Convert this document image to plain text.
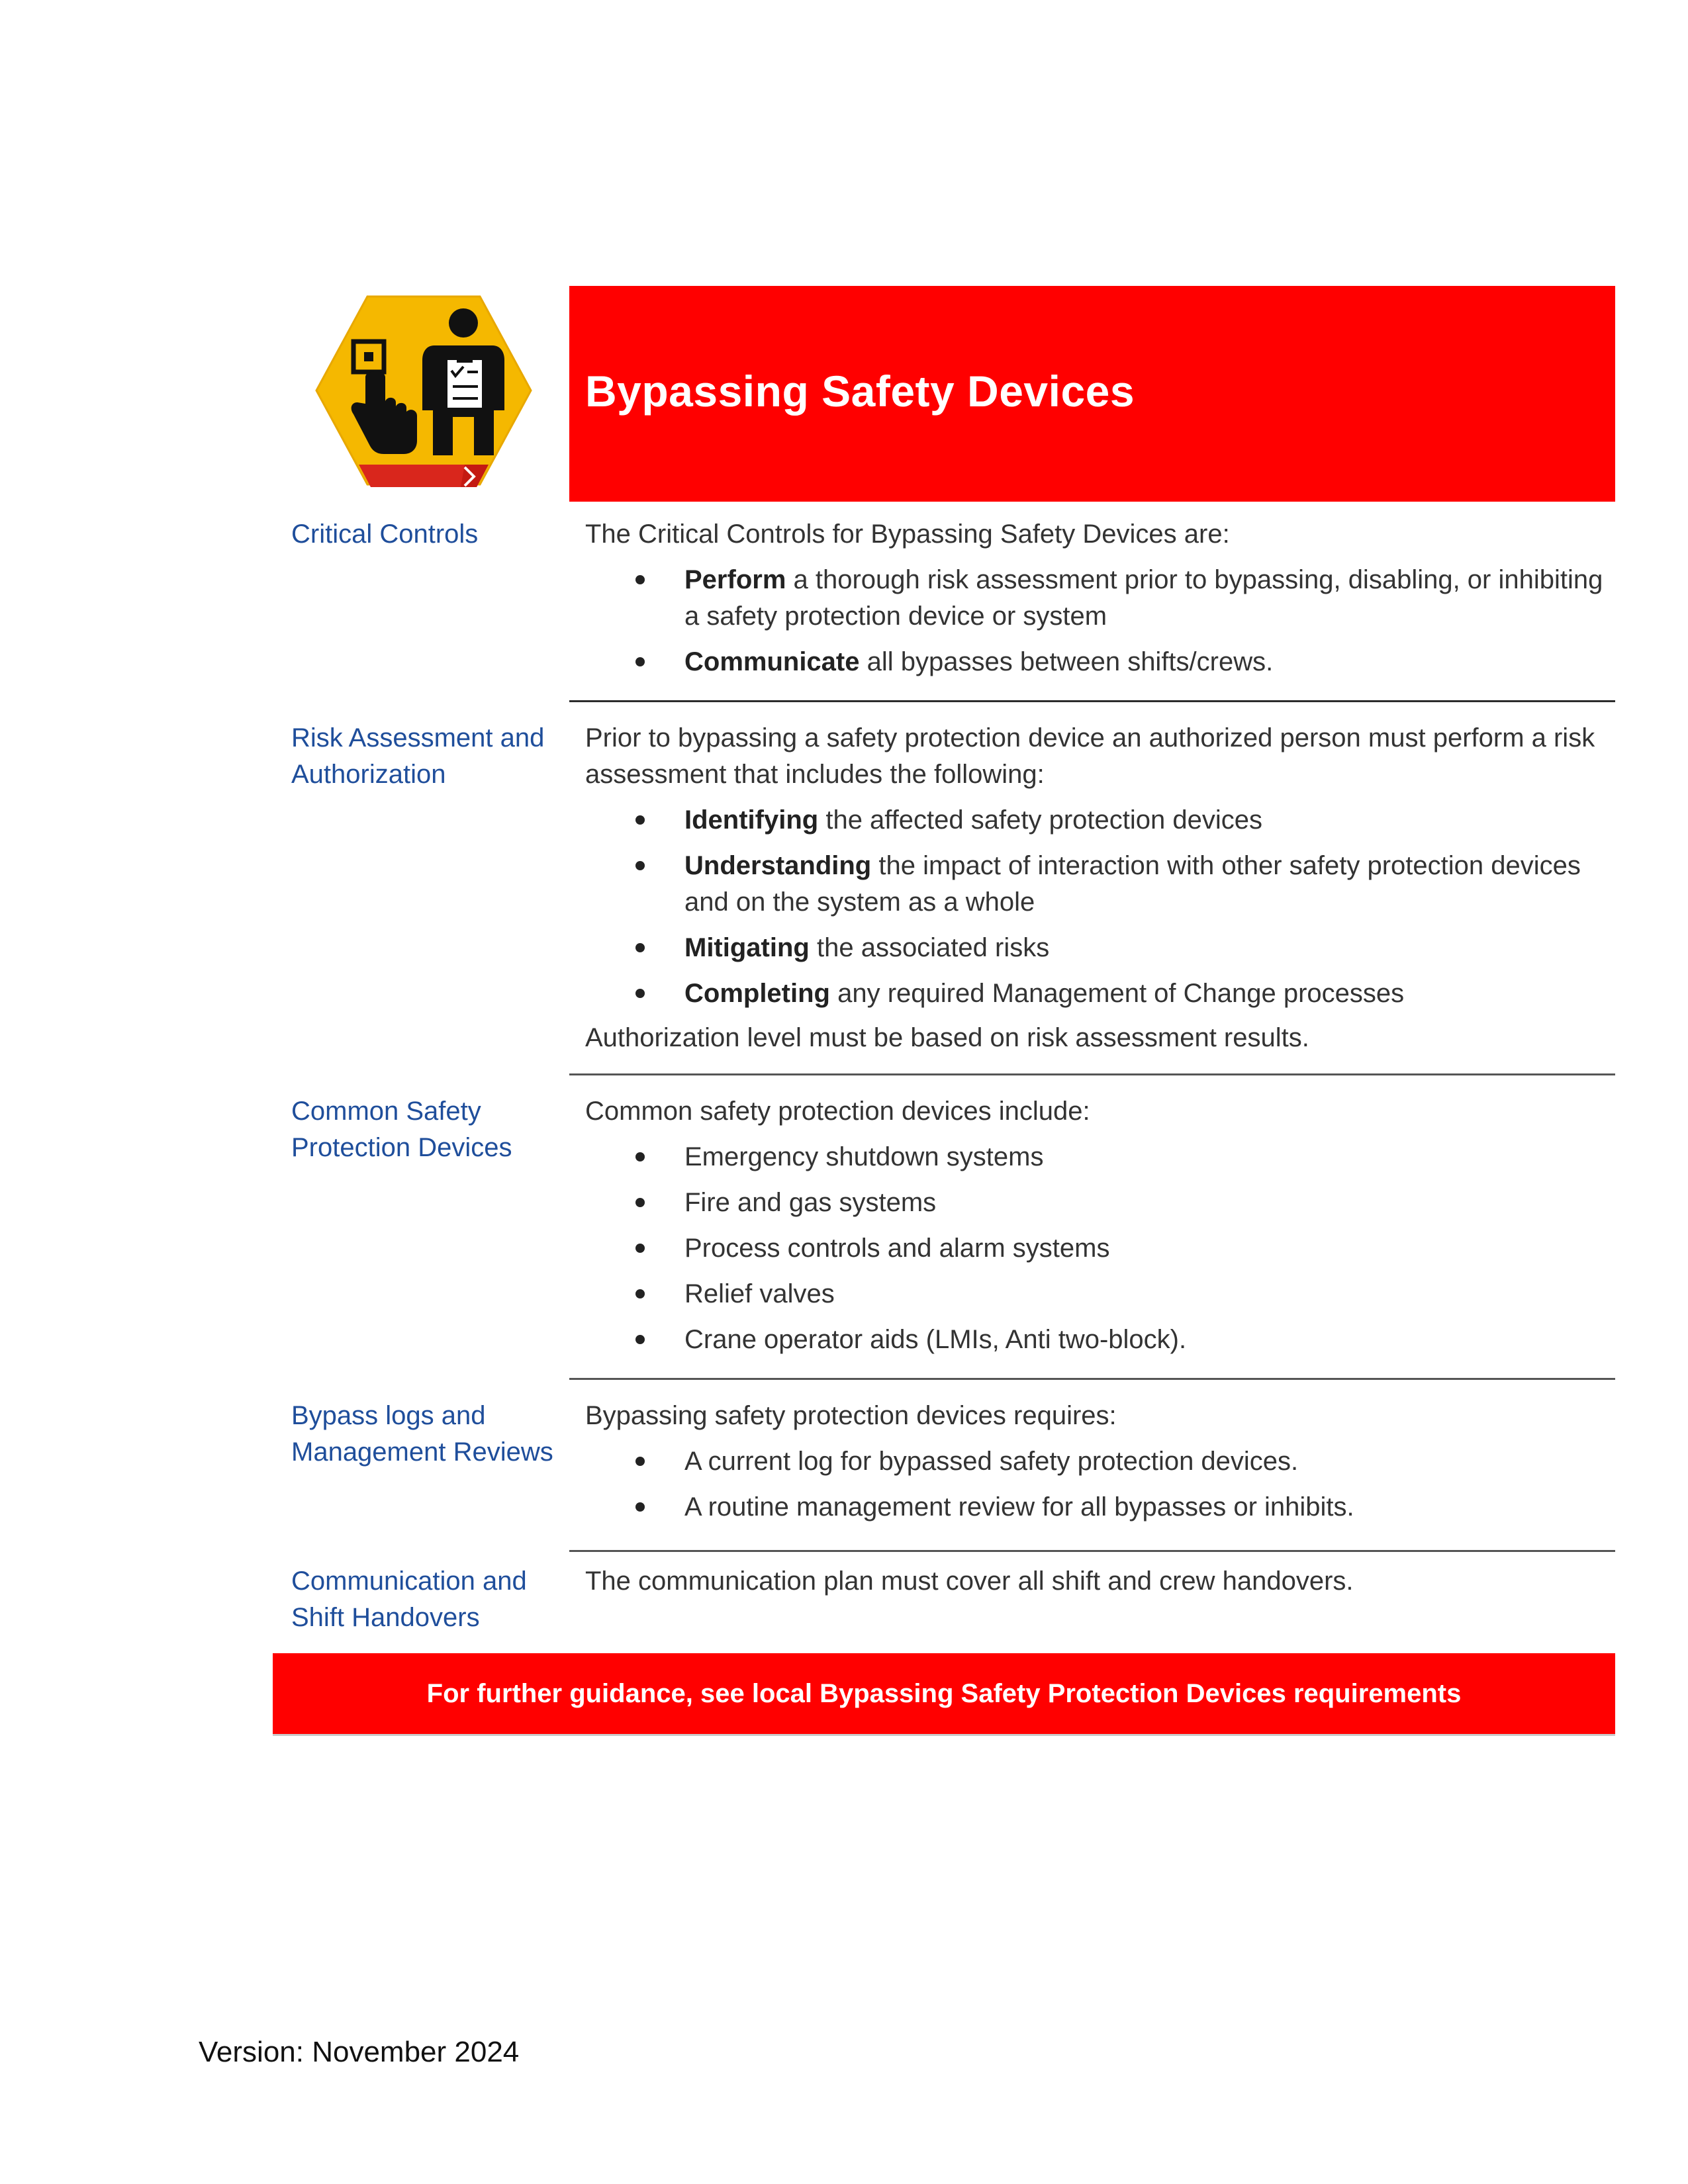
Bypassing Safety Devices
Critical Controls	The Critical Controls for Bypassing Safety Devices are:

Perform a thorough risk assessment prior to bypassing, disabling, or inhibiting a safety protection device or system
Communicate all bypasses between shifts/crews.
Risk Assessment and Authorization

Prior to bypassing a safety protection device an authorized person must perform a risk assessment that includes the following:

Identifying the affected safety protection devices
Understanding the impact of interaction with other safety protection devices and on the system as a whole
Mitigating the associated risks
Completing any required Management of Change processes

Authorization level must be based on risk assessment results.

Common Safety Protection Devices

Common safety protection devices include:

Emergency shutdown systems
Fire and gas systems
Process controls and alarm systems
Relief valves
Crane operator aids (LMIs, Anti two-block).
Bypass logs and Management Reviews

Bypassing safety protection devices requires:

A current log for bypassed safety protection devices.
A routine management review for all bypasses or inhibits.
Communication and Shift Handovers

The communication plan must cover all shift and crew handovers.

For further guidance, see local Bypassing Safety Protection Devices requirements
Version: November 2024
